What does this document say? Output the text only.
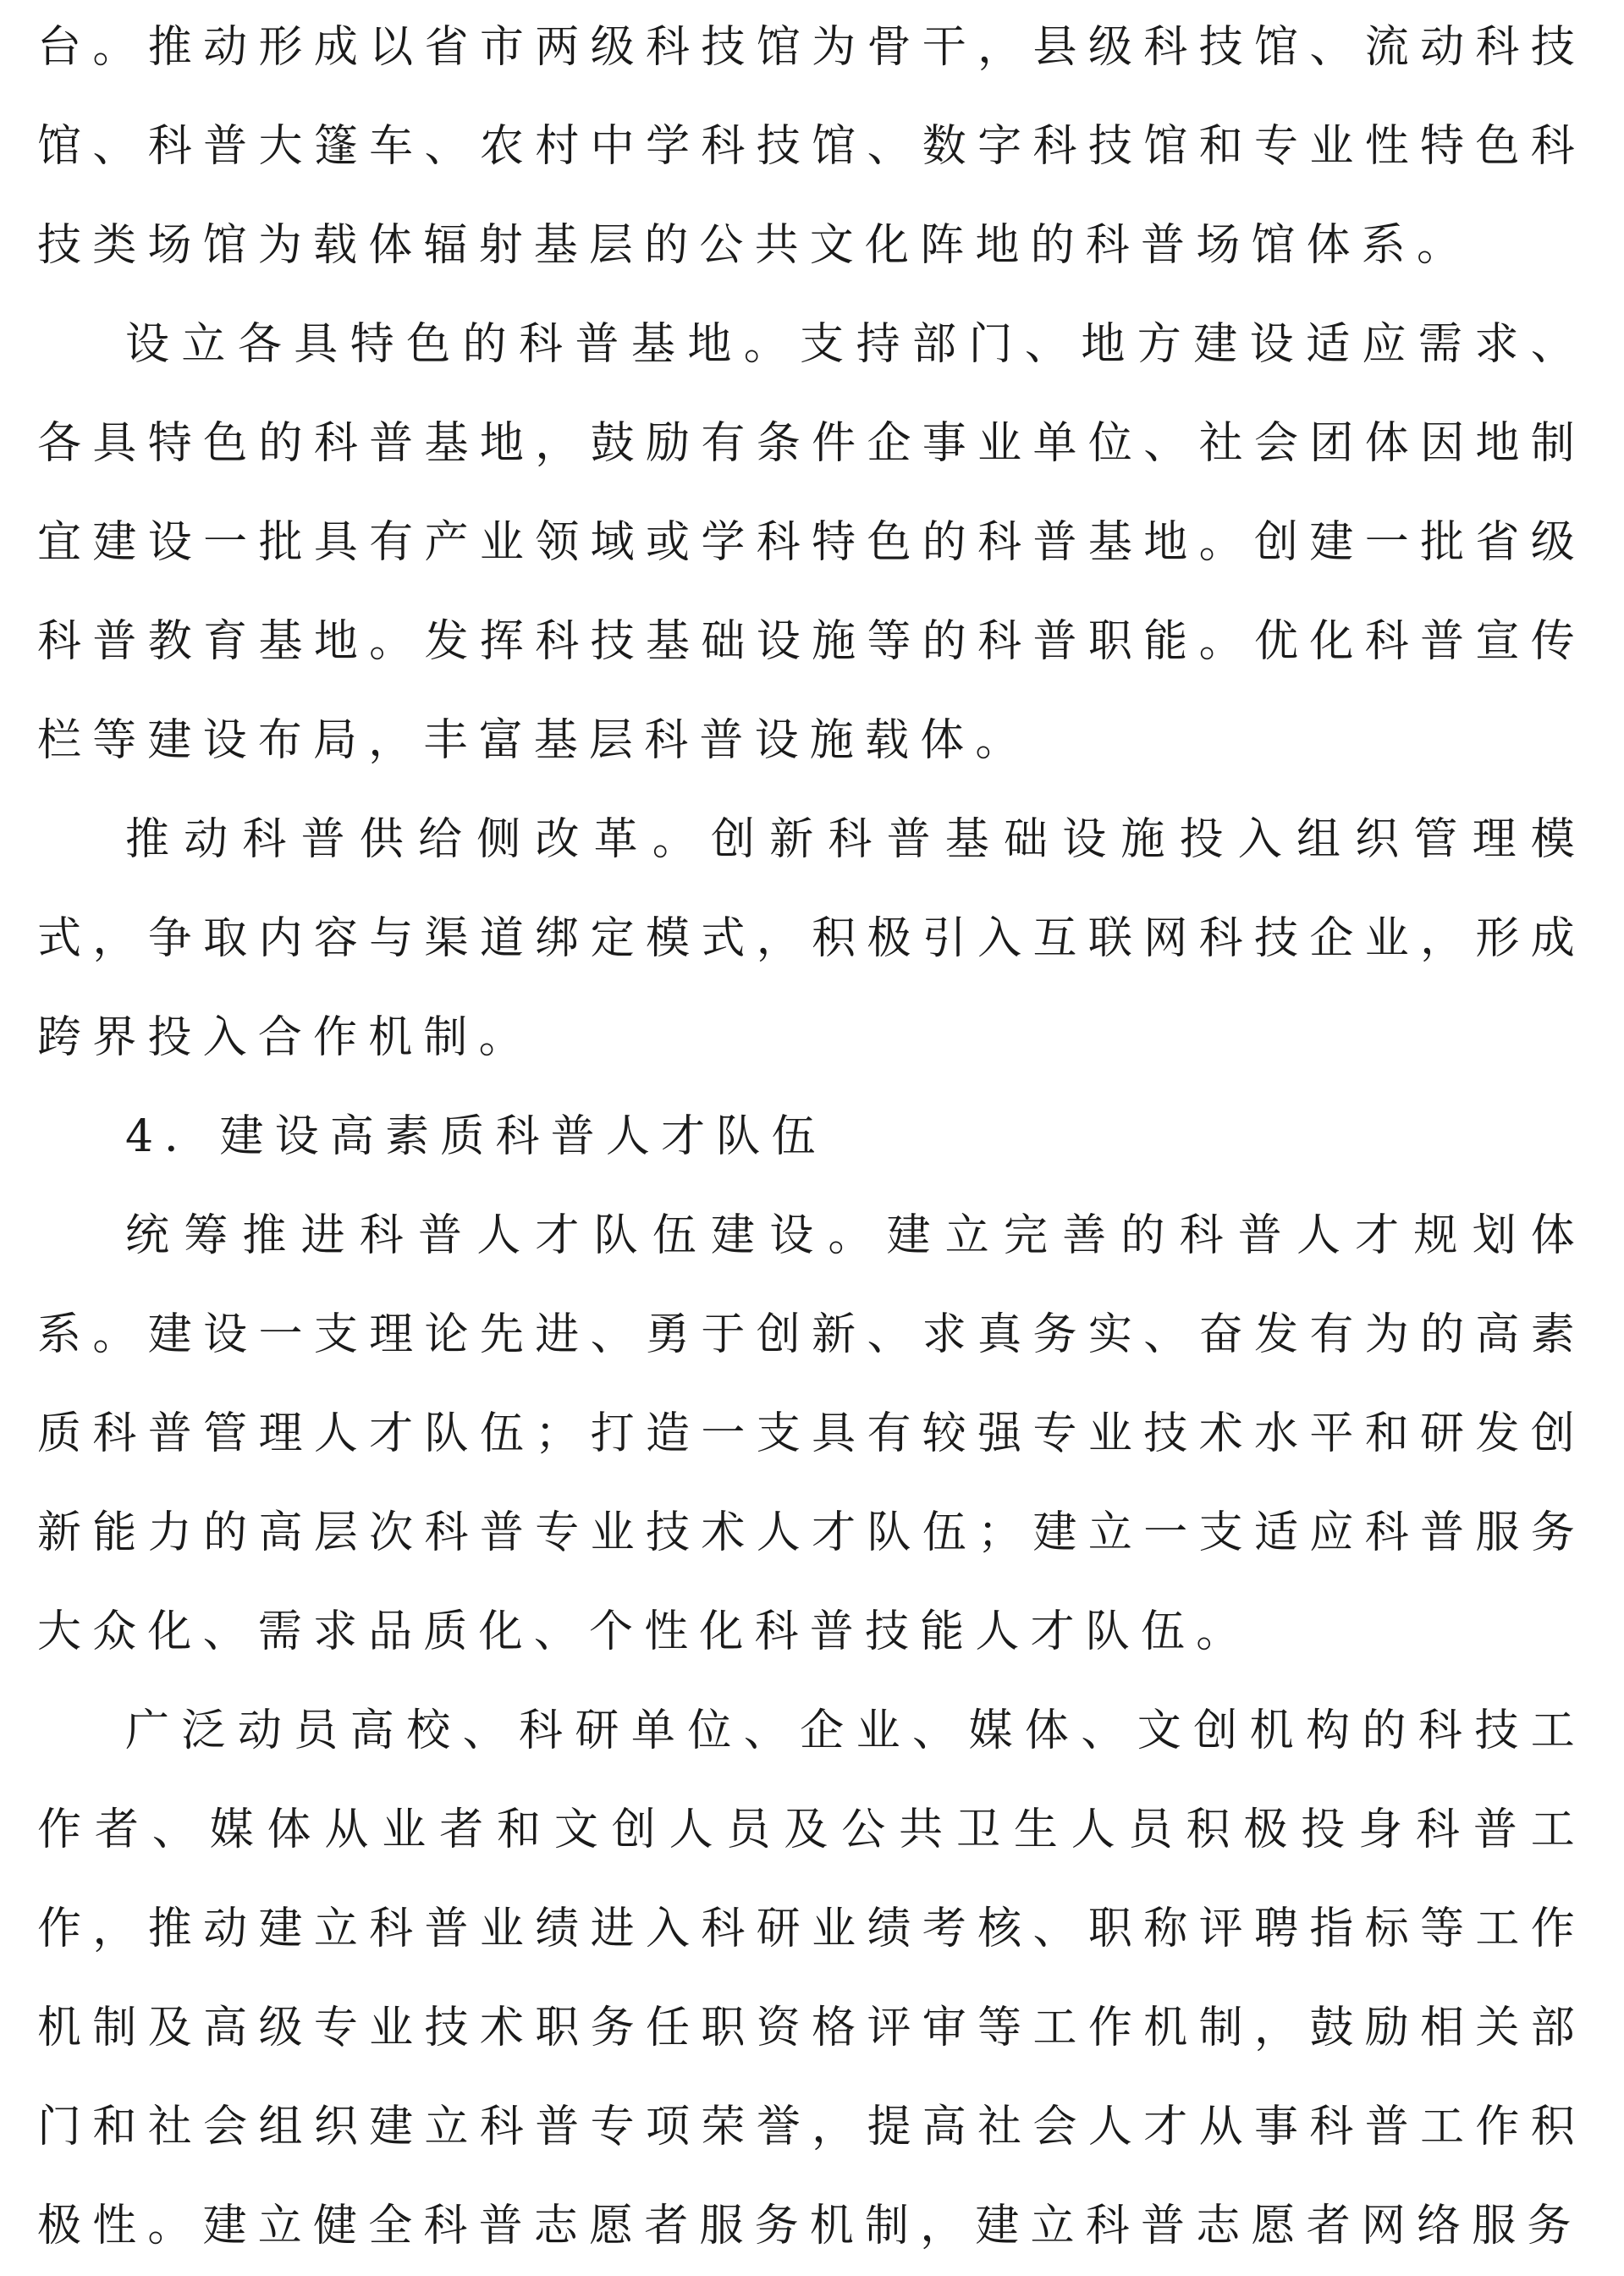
台。推动形成以省市两级科技馆为骨干，县级科技馆、流动科技馆、科普大篷车、农村中学科技馆、数字科技馆和专业性特色科技类场馆为载体辐射基层的公共文化阵地的科普场馆体系。

设立各具特色的科普基地。支持部门、地方建设适应需求、各具特色的科普基地，鼓励有条件企事业单位、社会团体因地制宜建设一批具有产业领域或学科特色的科普基地。创建一批省级科普教育基地。发挥科技基础设施等的科普职能。优化科普宣传栏等建设布局，丰富基层科普设施载体。

推动科普供给侧改革。创新科普基础设施投入组织管理模式，争取内容与渠道绑定模式，积极引入互联网科技企业，形成跨界投入合作机制。

4．建设高素质科普人才队伍

统筹推进科普人才队伍建设。建立完善的科普人才规划体系。建设一支理论先进、勇于创新、求真务实、奋发有为的高素质科普管理人才队伍；打造一支具有较强专业技术水平和研发创新能力的高层次科普专业技术人才队伍；建立一支适应科普服务大众化、需求品质化、个性化科普技能人才队伍。

广泛动员高校、科研单位、企业、媒体、文创机构的科技工作者、媒体从业者和文创人员及公共卫生人员积极投身科普工作，推动建立科普业绩进入科研业绩考核、职称评聘指标等工作机制及高级专业技术职务任职资格评审等工作机制，鼓励相关部门和社会组织建立科普专项荣誉，提高社会人才从事科普工作积极性。建立健全科普志愿者服务机制，建立科普志愿者网络服务
